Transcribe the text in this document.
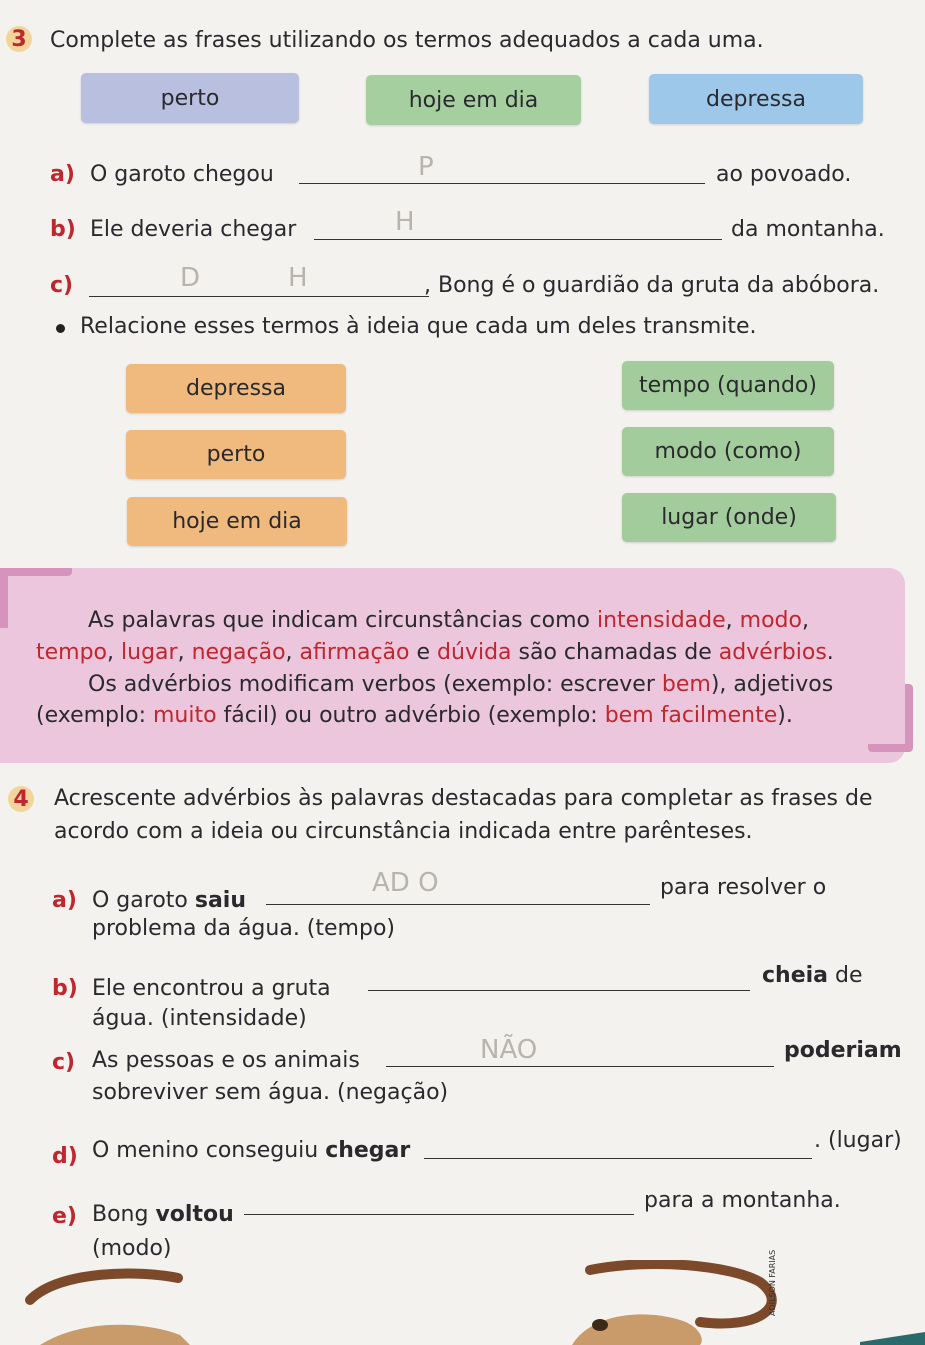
3 Complete as frases utilizando os termos adequados a cada uma.
perto	hoje em dia	depressa
a) O garoto chegou	P	ao povoado.
b) Ele deveria chegar	H	da montanha.
c)	D	H	, Bong é o guardião da gruta da abóbora.
Relacione esses termos à ideia que cada um deles transmite.
depressa
perto
hoje em dia
tempo (quando)
modo (como)
lugar (onde)
As palavras que indicam circunstâncias como intensidade, modo,
tempo, lugar, negação, afirmação e dúvida são chamadas de advérbios.
Os advérbios modificam verbos (exemplo: escrever bem), adjetivos
(exemplo: muito fácil) ou outro advérbio (exemplo: bem facilmente).
4 Acrescente advérbios às palavras destacadas para completar as frases de
acordo com a ideia ou circunstância indicada entre parênteses.
a) O garoto saiu
AD O	para resolver o
problema da água. (tempo)
b) Ele encontrou a gruta
cheia de
água. (intensidade)
c) As pessoas e os animais	NÃO	poderiam
sobreviver sem água. (negação)
d) O menino conseguiu chegar	. (lugar)
e) Bong voltou
para a montanha.
(modo)
ADILSON FARIAS
